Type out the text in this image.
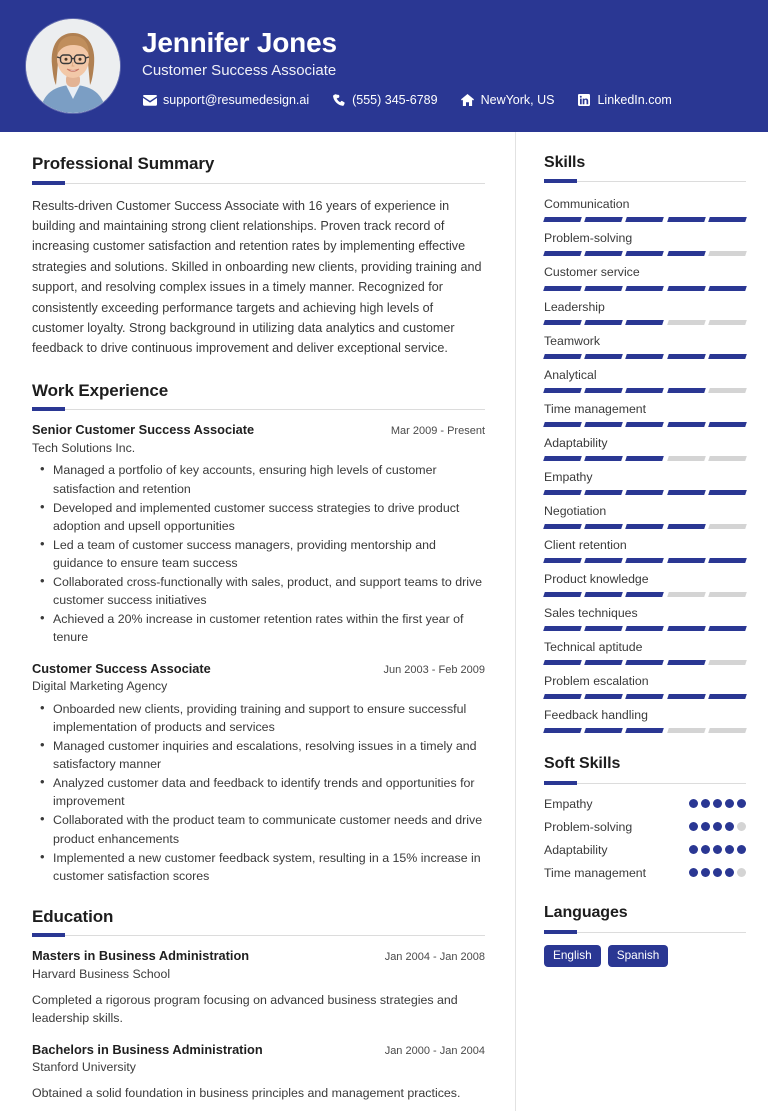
Jennifer Jones
Customer Success Associate
support@resumedesign.ai	(555) 345-6789	NewYork, US	LinkedIn.com
Professional Summary
Results-driven Customer Success Associate with 16 years of experience in building and maintaining strong client relationships. Proven track record of increasing customer satisfaction and retention rates by implementing effective strategies and solutions. Skilled in onboarding new clients, providing training and support, and resolving complex issues in a timely manner. Recognized for consistently exceeding performance targets and achieving high levels of customer loyalty. Strong background in utilizing data analytics and customer feedback to drive continuous improvement and deliver exceptional service.
Work Experience
Senior Customer Success Associate	Mar 2009 - Present
Tech Solutions Inc.
• Managed a portfolio of key accounts, ensuring high levels of customer satisfaction and retention
• Developed and implemented customer success strategies to drive product adoption and upsell opportunities
• Led a team of customer success managers, providing mentorship and guidance to ensure team success
• Collaborated cross-functionally with sales, product, and support teams to drive customer success initiatives
• Achieved a 20% increase in customer retention rates within the first year of tenure
Customer Success Associate	Jun 2003 - Feb 2009
Digital Marketing Agency
• Onboarded new clients, providing training and support to ensure successful implementation of products and services
• Managed customer inquiries and escalations, resolving issues in a timely and satisfactory manner
• Analyzed customer data and feedback to identify trends and opportunities for improvement
• Collaborated with the product team to communicate customer needs and drive product enhancements
• Implemented a new customer feedback system, resulting in a 15% increase in customer satisfaction scores
Education
Masters in Business Administration	Jan 2004 - Jan 2008
Harvard Business School
Completed a rigorous program focusing on advanced business strategies and leadership skills.
Bachelors in Business Administration	Jan 2000 - Jan 2004
Stanford University
Obtained a solid foundation in business principles and management practices.
Skills
Communication
Problem-solving
Customer service
Leadership
Teamwork
Analytical
Time management
Adaptability
Empathy
Negotiation
Client retention
Product knowledge
Sales techniques
Technical aptitude
Problem escalation
Feedback handling
Soft Skills
Empathy
Problem-solving
Adaptability
Time management
Languages
English	Spanish
